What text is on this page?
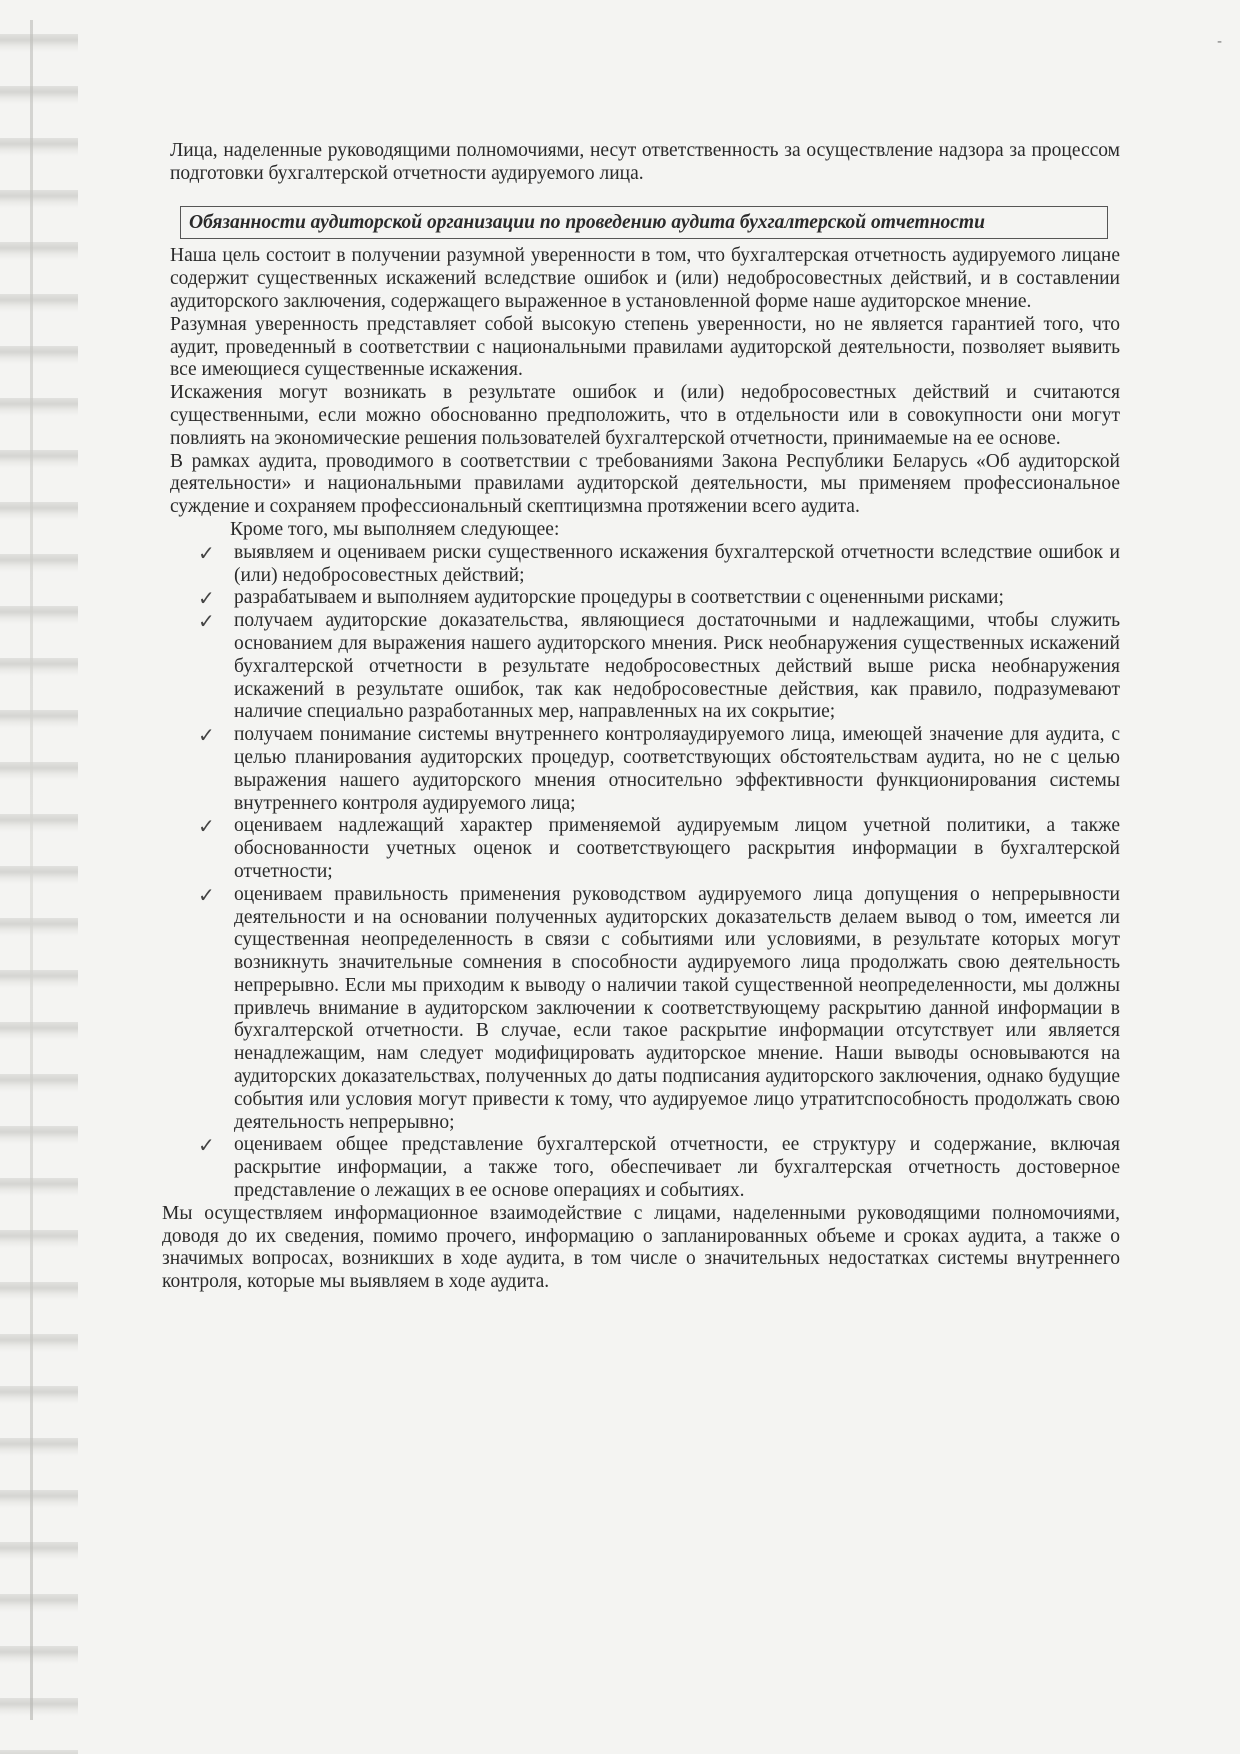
-

Лица, наделенные руководящими полномочиями, несут ответственность за осуществление надзора за процессом подготовки бухгалтерской отчетности аудируемого лица.

Обязанности аудиторской организации по проведению аудита бухгалтерской отчетности

Наша цель состоит в получении разумной уверенности в том, что бухгалтерская отчетность аудируемого лицане содержит существенных искажений вследствие ошибок и (или) недобросовестных действий, и в составлении аудиторского заключения, содержащего выраженное в установленной форме наше аудиторское мнение.

Разумная уверенность представляет собой высокую степень уверенности, но не является гарантией того, что аудит, проведенный в соответствии с национальными правилами аудиторской деятельности, позволяет выявить все имеющиеся существенные искажения.

Искажения могут возникать в результате ошибок и (или) недобросовестных действий и считаются существенными, если можно обоснованно предположить, что в отдельности или в совокупности они могут повлиять на экономические решения пользователей бухгалтерской отчетности, принимаемые на ее основе.

В рамках аудита, проводимого в соответствии с требованиями Закона Республики Беларусь «Об аудиторской деятельности» и национальными правилами аудиторской деятельности, мы применяем профессиональное суждение и сохраняем профессиональный скептицизмна протяжении всего аудита.

Кроме того, мы выполняем следующее:

✓ выявляем и оцениваем риски существенного искажения бухгалтерской отчетности вследствие ошибок и (или) недобросовестных действий;
✓ разрабатываем и выполняем аудиторские процедуры в соответствии с оцененными рисками;
✓ получаем аудиторские доказательства, являющиеся достаточными и надлежащими, чтобы служить основанием для выражения нашего аудиторского мнения. Риск необнаружения существенных искажений бухгалтерской отчетности в результате недобросовестных действий выше риска необнаружения искажений в результате ошибок, так как недобросовестные действия, как правило, подразумевают наличие специально разработанных мер, направленных на их сокрытие;
✓ получаем понимание системы внутреннего контроляаудируемого лица, имеющей значение для аудита, с целью планирования аудиторских процедур, соответствующих обстоятельствам аудита, но не с целью выражения нашего аудиторского мнения относительно эффективности функционирования системы внутреннего контроля аудируемого лица;
✓ оцениваем надлежащий характер применяемой аудируемым лицом учетной политики, а также обоснованности учетных оценок и соответствующего раскрытия информации в бухгалтерской отчетности;
✓ оцениваем правильность применения руководством аудируемого лица допущения о непрерывности деятельности и на основании полученных аудиторских доказательств делаем вывод о том, имеется ли существенная неопределенность в связи с событиями или условиями, в результате которых могут возникнуть значительные сомнения в способности аудируемого лица продолжать свою деятельность непрерывно. Если мы приходим к выводу о наличии такой существенной неопределенности, мы должны привлечь внимание в аудиторском заключении к соответствующему раскрытию данной информации в бухгалтерской отчетности. В случае, если такое раскрытие информации отсутствует или является ненадлежащим, нам следует модифицировать аудиторское мнение. Наши выводы основываются на аудиторских доказательствах, полученных до даты подписания аудиторского заключения, однако будущие события или условия могут привести к тому, что аудируемое лицо утратитспособность продолжать свою деятельность непрерывно;
✓ оцениваем общее представление бухгалтерской отчетности, ее структуру и содержание, включая раскрытие информации, а также того, обеспечивает ли бухгалтерская отчетность достоверное представление о лежащих в ее основе операциях и событиях.

Мы осуществляем информационное взаимодействие с лицами, наделенными руководящими полномочиями, доводя до их сведения, помимо прочего, информацию о запланированных объеме и сроках аудита, а также о значимых вопросах, возникших в ходе аудита, в том числе о значительных недостатках системы внутреннего контроля, которые мы выявляем в ходе аудита.
